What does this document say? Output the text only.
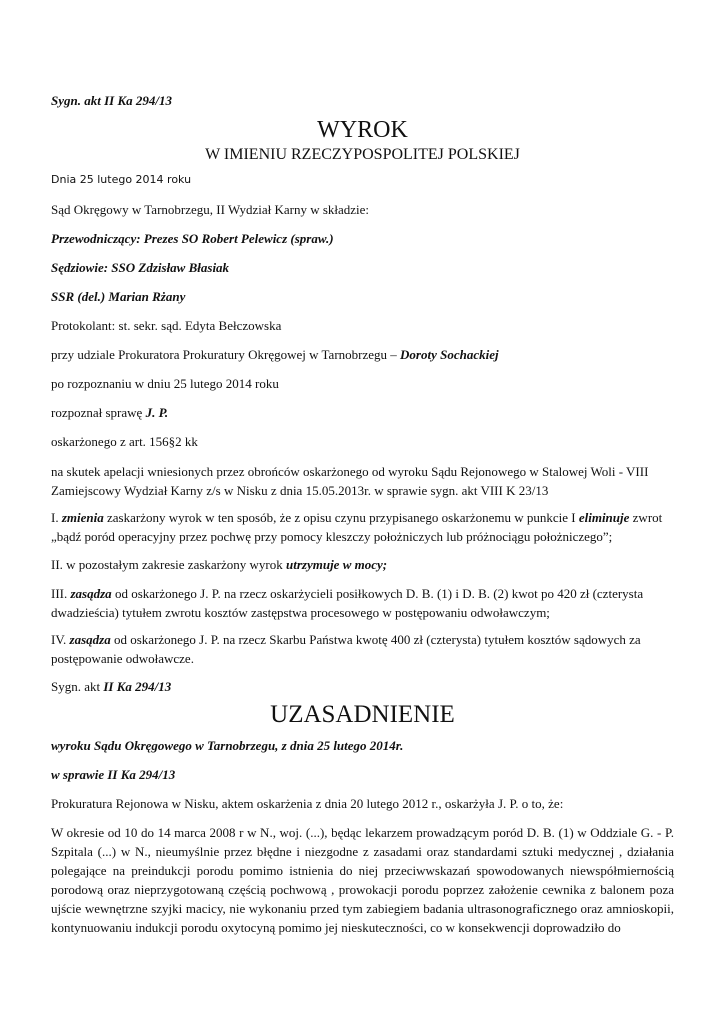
Sygn. akt II Ka 294/13

WYROK

W IMIENIU RZECZYPOSPOLITEJ POLSKIEJ

Dnia 25 lutego 2014 roku

Sąd Okręgowy w Tarnobrzegu, II Wydział Karny w składzie:

Przewodniczący: Prezes SO Robert Pelewicz (spraw.)

Sędziowie: SSO Zdzisław Błasiak

SSR (del.) Marian Rżany

Protokolant: st. sekr. sąd. Edyta Bełczowska

przy udziale Prokuratora Prokuratury Okręgowej w Tarnobrzegu – Doroty Sochackiej

po rozpoznaniu w dniu 25 lutego 2014 roku

rozpoznał sprawę J. P.

oskarżonego z art. 156§2 kk

na skutek apelacji wniesionych przez obrońców oskarżonego od wyroku Sądu Rejonowego w Stalowej Woli - VIII Zamiejscowy Wydział Karny z/s w Nisku z dnia 15.05.2013r. w sprawie sygn. akt VIII K 23/13

I. zmienia zaskarżony wyrok w ten sposób, że z opisu czynu przypisanego oskarżonemu w punkcie I eliminuje zwrot „bądź poród operacyjny przez pochwę przy pomocy kleszczy położniczych lub próżnociągu położniczego”;

II. w pozostałym zakresie zaskarżony wyrok utrzymuje w mocy;

III. zasądza od oskarżonego J. P. na rzecz oskarżycieli posiłkowych D. B. (1) i D. B. (2) kwot po 420 zł (czterysta dwadzieścia) tytułem zwrotu kosztów zastępstwa procesowego w postępowaniu odwoławczym;

IV. zasądza od oskarżonego J. P. na rzecz Skarbu Państwa kwotę 400 zł (czterysta) tytułem kosztów sądowych za postępowanie odwoławcze.

Sygn. akt II Ka 294/13

UZASADNIENIE

wyroku Sądu Okręgowego w Tarnobrzegu, z dnia 25 lutego 2014r.

w sprawie II Ka 294/13

Prokuratura Rejonowa w Nisku, aktem oskarżenia z dnia 20 lutego 2012 r., oskarżyła J. P. o to, że:

W okresie od 10 do 14 marca 2008 r w N., woj. (...), będąc lekarzem prowadzącym poród D. B. (1) w Oddziale G. - P. Szpitala (...) w N., nieumyślnie przez błędne i niezgodne z zasadami oraz standardami sztuki medycznej , działania polegające na preindukcji porodu pomimo istnienia do niej przeciwwskazań spowodowanych niewspółmiernością porodową oraz nieprzygotowaną częścią pochwową , prowokacji porodu poprzez założenie cewnika z balonem poza ujście wewnętrzne szyjki macicy, nie wykonaniu przed tym zabiegiem badania ultrasonograficznego oraz amnioskopii, kontynuowaniu indukcji porodu oxytocyną pomimo jej nieskuteczności, co w konsekwencji doprowadziło do
